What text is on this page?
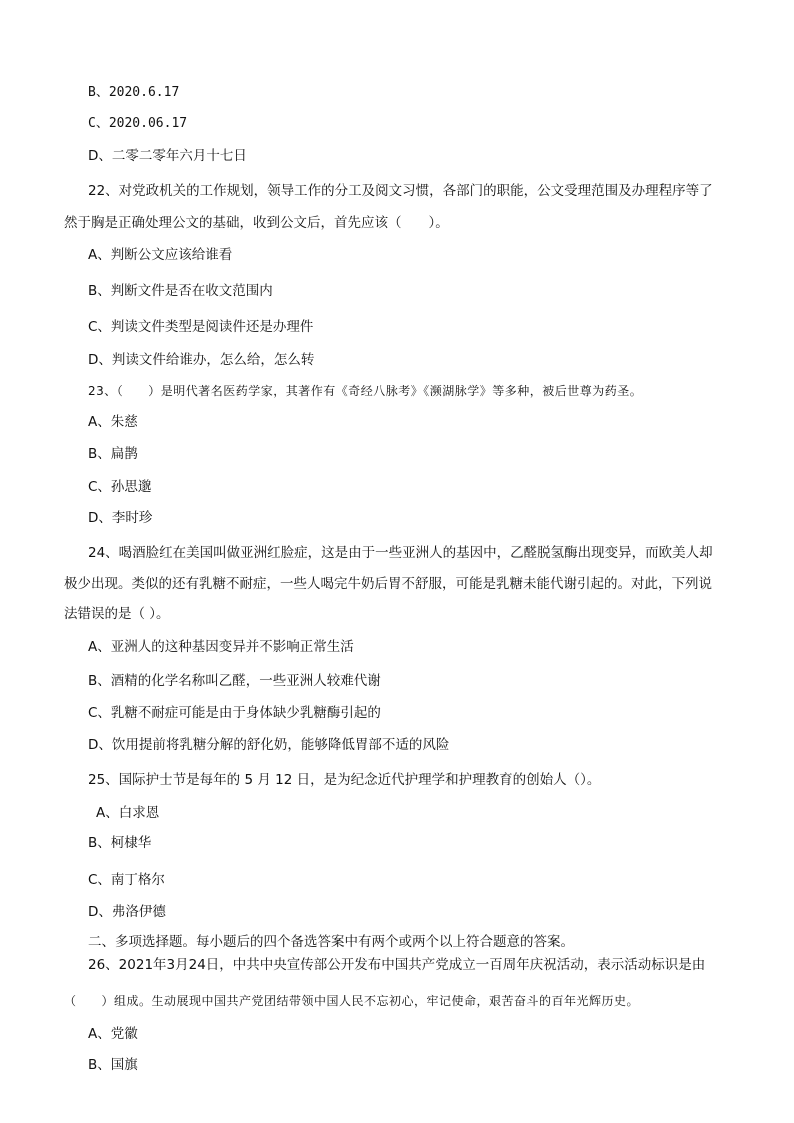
B、2020.6.17
C、2020.06.17
D、二零二零年六月十七日
22、对党政机关的工作规划，领导工作的分工及阅文习惯，各部门的职能，公文受理范围及办理程序等了
然于胸是正确处理公文的基础，收到公文后，首先应该（　　）。
A、判断公文应该给谁看
B、判断文件是否在收文范围内
C、判读文件类型是阅读件还是办理件
D、判读文件给谁办，怎么给，怎么转
23、（　　）是明代著名医药学家，其著作有《奇经八脉考》《濒湖脉学》等多种，被后世尊为药圣。
A、朱慈
B、扁鹊
C、孙思邈
D、李时珍
24、喝酒脸红在美国叫做亚洲红脸症，这是由于一些亚洲人的基因中，乙醛脱氢酶出现变异，而欧美人却
极少出现。类似的还有乳糖不耐症，一些人喝完牛奶后胃不舒服，可能是乳糖未能代谢引起的。对此，下列说
法错误的是（ ）。
A、亚洲人的这种基因变异并不影响正常生活
B、酒精的化学名称叫乙醛，一些亚洲人较难代谢
C、乳糖不耐症可能是由于身体缺少乳糖酶引起的
D、饮用提前将乳糖分解的舒化奶，能够降低胃部不适的风险
25、国际护士节是每年的 5 月 12 日，是为纪念近代护理学和护理教育的创始人（）。
A、白求恩
B、柯棣华
C、南丁格尔
D、弗洛伊德
二、多项选择题。每小题后的四个备选答案中有两个或两个以上符合题意的答案。
26、2021年3月24日，中共中央宣传部公开发布中国共产党成立一百周年庆祝活动，表示活动标识是由
（　　）组成。生动展现中国共产党团结带领中国人民不忘初心，牢记使命，艰苦奋斗的百年光辉历史。
A、党徽
B、国旗
